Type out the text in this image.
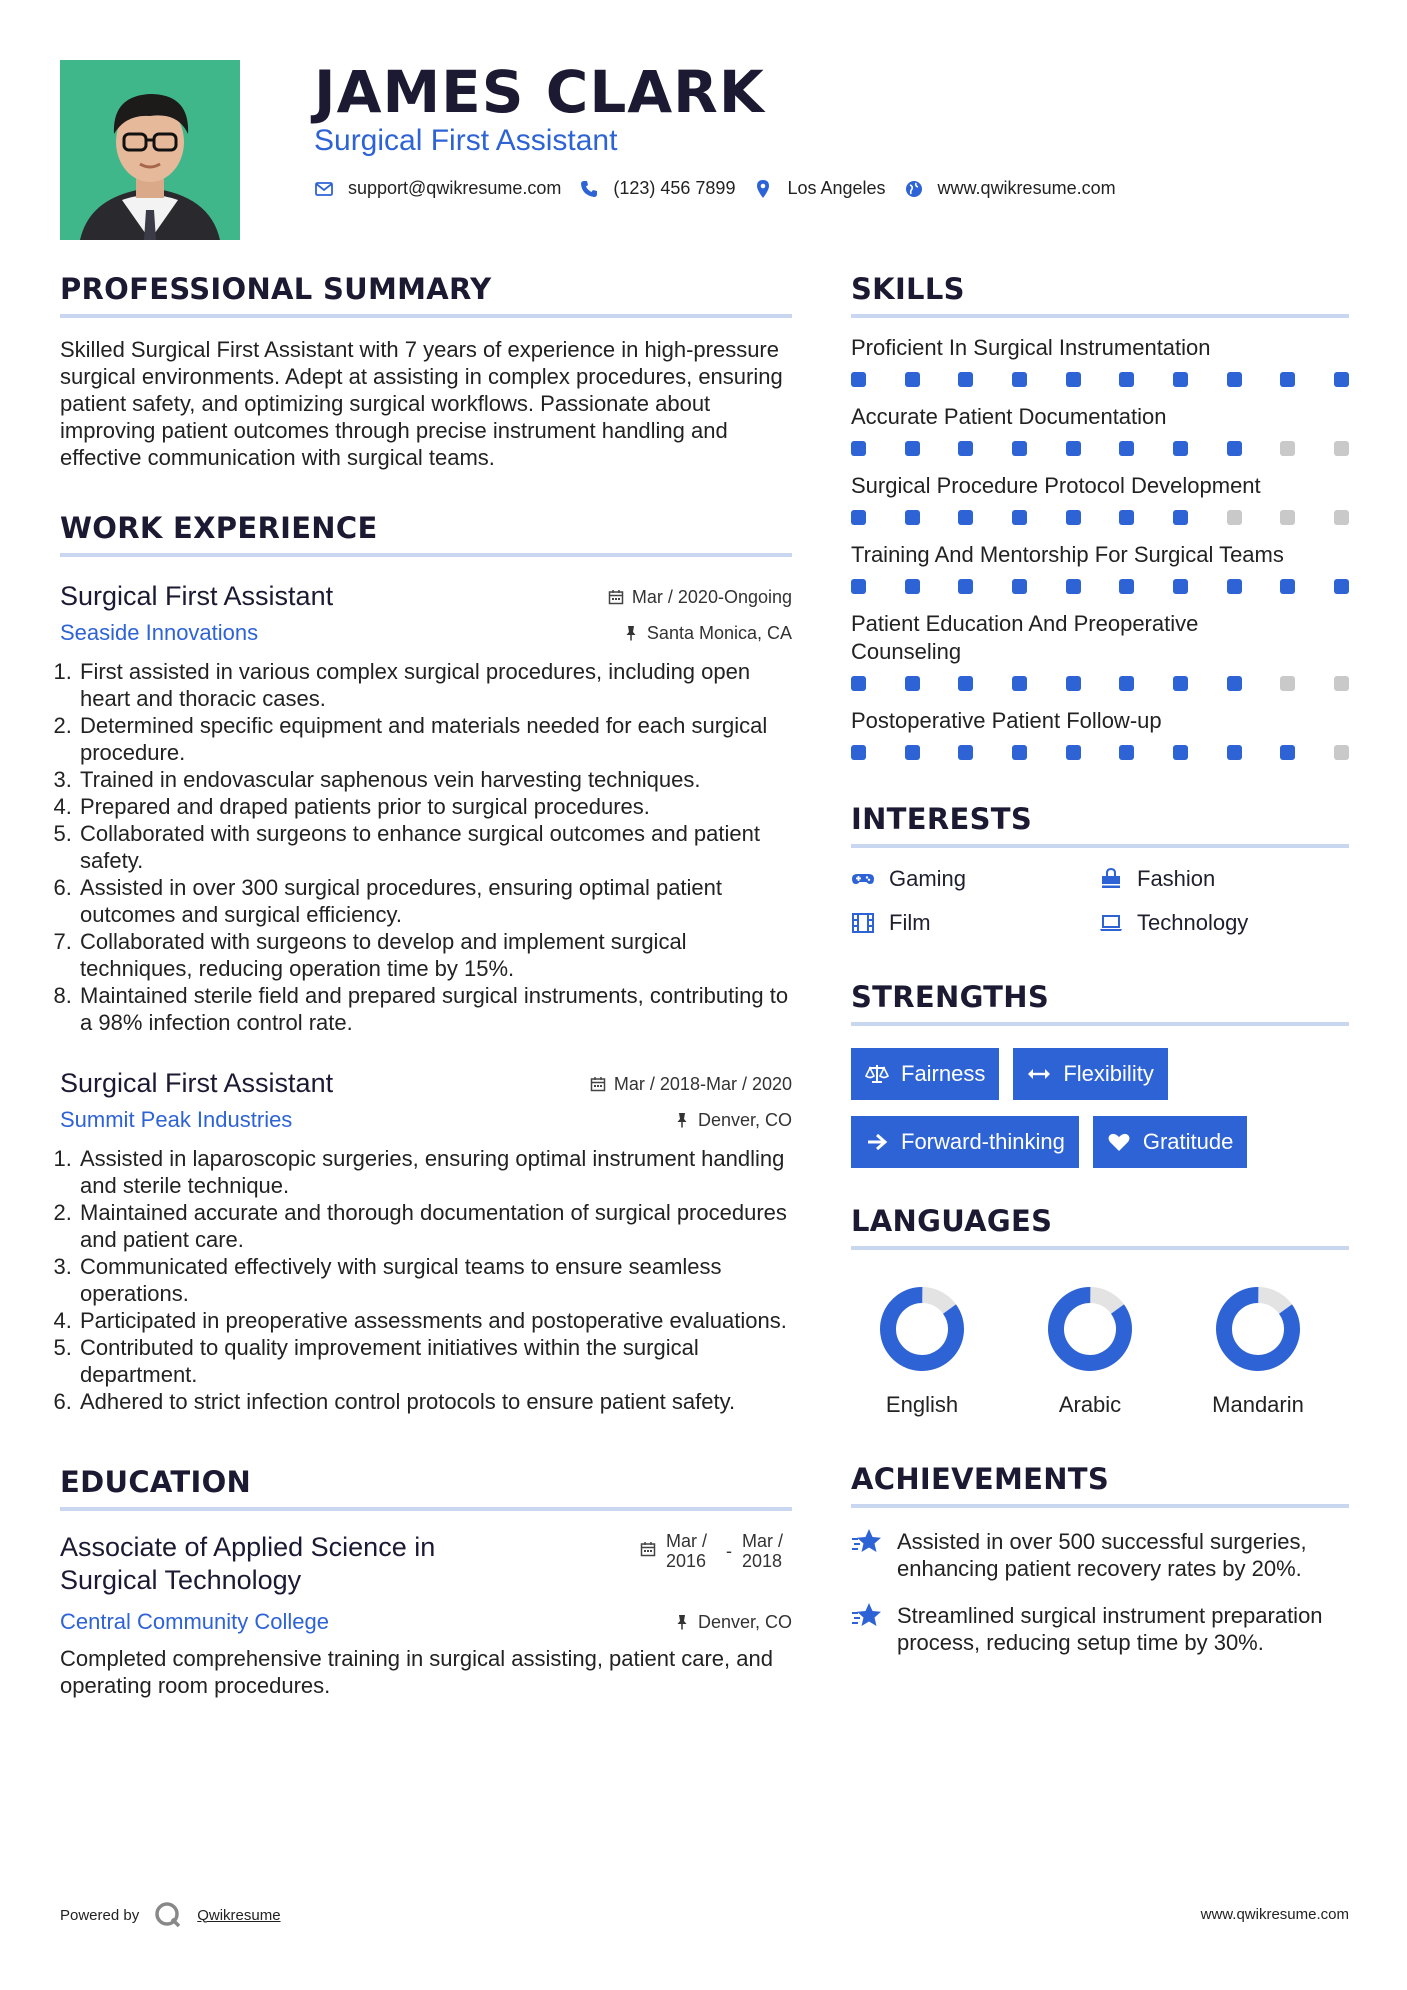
JAMES CLARK
Surgical First Assistant
support@qwikresume.com	(123) 456 7899	Los Angeles	www.qwikresume.com
PROFESSIONAL SUMMARY

Skilled Surgical First Assistant with 7 years of experience in high-pressure surgical environments. Adept at assisting in complex procedures, ensuring patient safety, and optimizing surgical workflows. Passionate about improving patient outcomes through precise instrument handling and effective communication with surgical teams.

WORK EXPERIENCE
Surgical First Assistant	Mar / 2020-Ongoing
Seaside Innovations	Santa Monica, CA
1. First assisted in various complex surgical procedures, including open heart and thoracic cases.
2. Determined specific equipment and materials needed for each surgical procedure.
3. Trained in endovascular saphenous vein harvesting techniques.
4. Prepared and draped patients prior to surgical procedures.
5. Collaborated with surgeons to enhance surgical outcomes and patient safety.
6. Assisted in over 300 surgical procedures, ensuring optimal patient outcomes and surgical efficiency.
7. Collaborated with surgeons to develop and implement surgical techniques, reducing operation time by 15%.
8. Maintained sterile field and prepared surgical instruments, contributing to a 98% infection control rate.
Surgical First Assistant	Mar / 2018-Mar / 2020
Summit Peak Industries	Denver, CO
1. Assisted in laparoscopic surgeries, ensuring optimal instrument handling and sterile technique.
2. Maintained accurate and thorough documentation of surgical procedures and patient care.
3. Communicated effectively with surgical teams to ensure seamless operations.
4. Participated in preoperative assessments and postoperative evaluations.
5. Contributed to quality improvement initiatives within the surgical department.
6. Adhered to strict infection control protocols to ensure patient safety.
EDUCATION
Associate of Applied Science in Surgical Technology
Mar / 2016	- Mar / 2018
Central Community College	Denver, CO

Completed comprehensive training in surgical assisting, patient care, and operating room procedures.

SKILLS
Proficient In Surgical Instrumentation
Accurate Patient Documentation
Surgical Procedure Protocol Development
Training And Mentorship For Surgical Teams
Patient Education And Preoperative Counseling
Postoperative Patient Follow-up
INTERESTS
Gaming	Fashion
Film	Technology
STRENGTHS
Fairness	Flexibility
Forward-thinking	Gratitude
LANGUAGES
English	Arabic	Mandarin
ACHIEVEMENTS
Assisted in over 500 successful surgeries, enhancing patient recovery rates by 20%.
Streamlined surgical instrument preparation process, reducing setup time by 30%.
Powered by	Qwikresume	www.qwikresume.com
